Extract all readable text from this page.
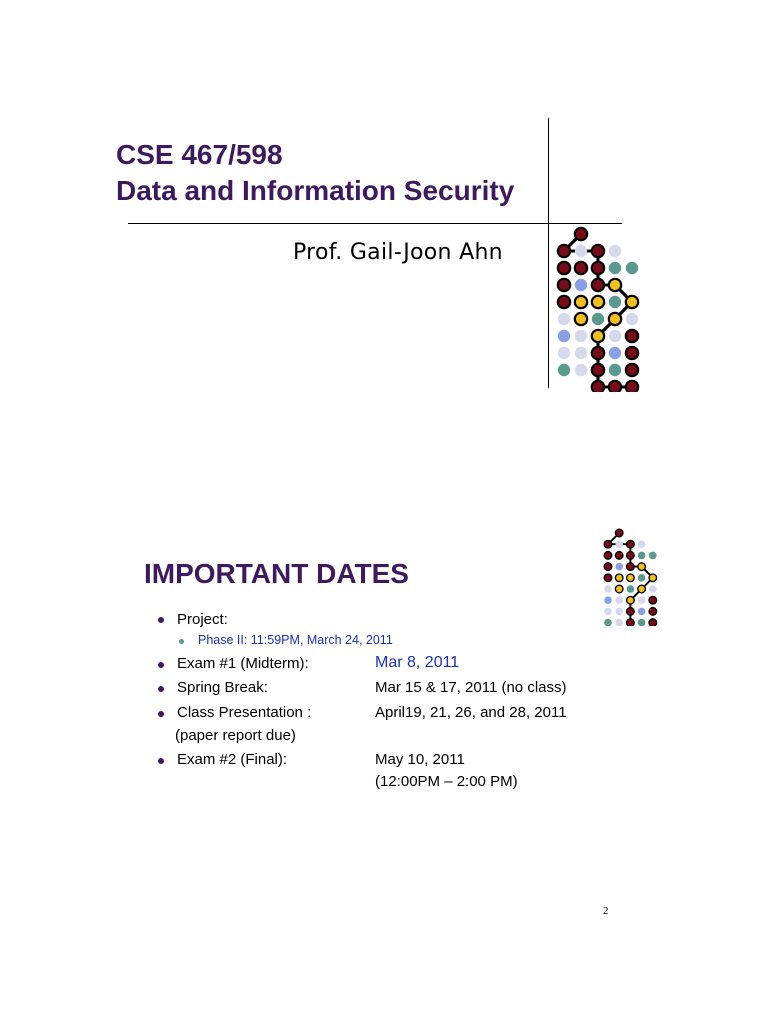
CSE 467/598
Data and Information Security
Prof. Gail-Joon Ahn
IMPORTANT DATES
Project:
Phase II: 11:59PM, March 24, 2011
Exam #1 (Midterm):	Mar 8, 2011
Spring Break:	Mar 15 & 17, 2011 (no class)
Class Presentation :	April19, 21, 26, and 28, 2011
(paper report due)
Exam #2 (Final):	May 10, 2011
(12:00PM – 2:00 PM)
2
